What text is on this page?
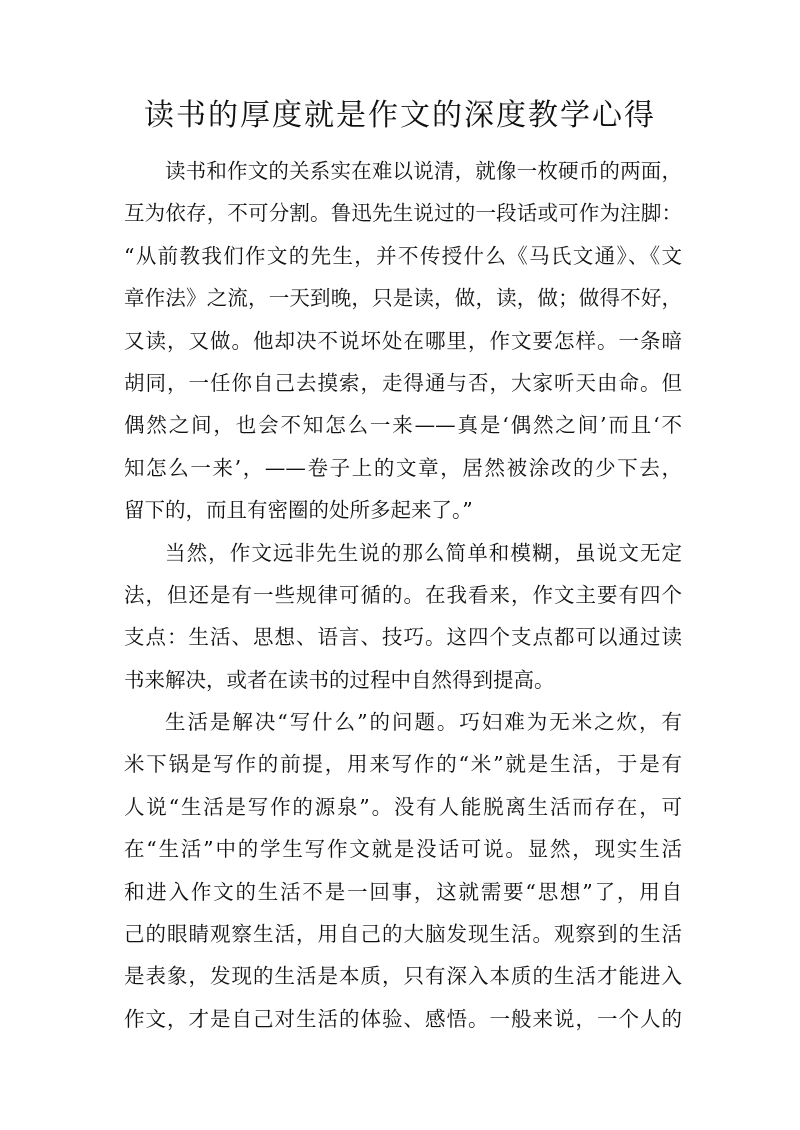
读书的厚度就是作文的深度教学心得
读书和作文的关系实在难以说清，就像一枚硬币的两面，
互为依存，不可分割。鲁迅先生说过的一段话或可作为注脚：
“从前教我们作文的先生，并不传授什么《马氏文通》、《文
章作法》之流，一天到晚，只是读，做，读，做；做得不好，
又读，又做。他却决不说坏处在哪里，作文要怎样。一条暗
胡同，一任你自己去摸索，走得通与否，大家听天由命。但
偶然之间，也会不知怎么一来——真是‘偶然之间’而且‘不
知怎么一来’，——卷子上的文章，居然被涂改的少下去，
留下的，而且有密圈的处所多起来了。”
当然，作文远非先生说的那么简单和模糊，虽说文无定
法，但还是有一些规律可循的。在我看来，作文主要有四个
支点：生活、思想、语言、技巧。这四个支点都可以通过读
书来解决，或者在读书的过程中自然得到提高。
生活是解决“写什么”的问题。巧妇难为无米之炊，有
米下锅是写作的前提，用来写作的“米”就是生活，于是有
人说“生活是写作的源泉”。没有人能脱离生活而存在，可
在“生活”中的学生写作文就是没话可说。显然，现实生活
和进入作文的生活不是一回事，这就需要“思想”了，用自
己的眼睛观察生活，用自己的大脑发现生活。观察到的生活
是表象，发现的生活是本质，只有深入本质的生活才能进入
作文，才是自己对生活的体验、感悟。一般来说，一个人的
